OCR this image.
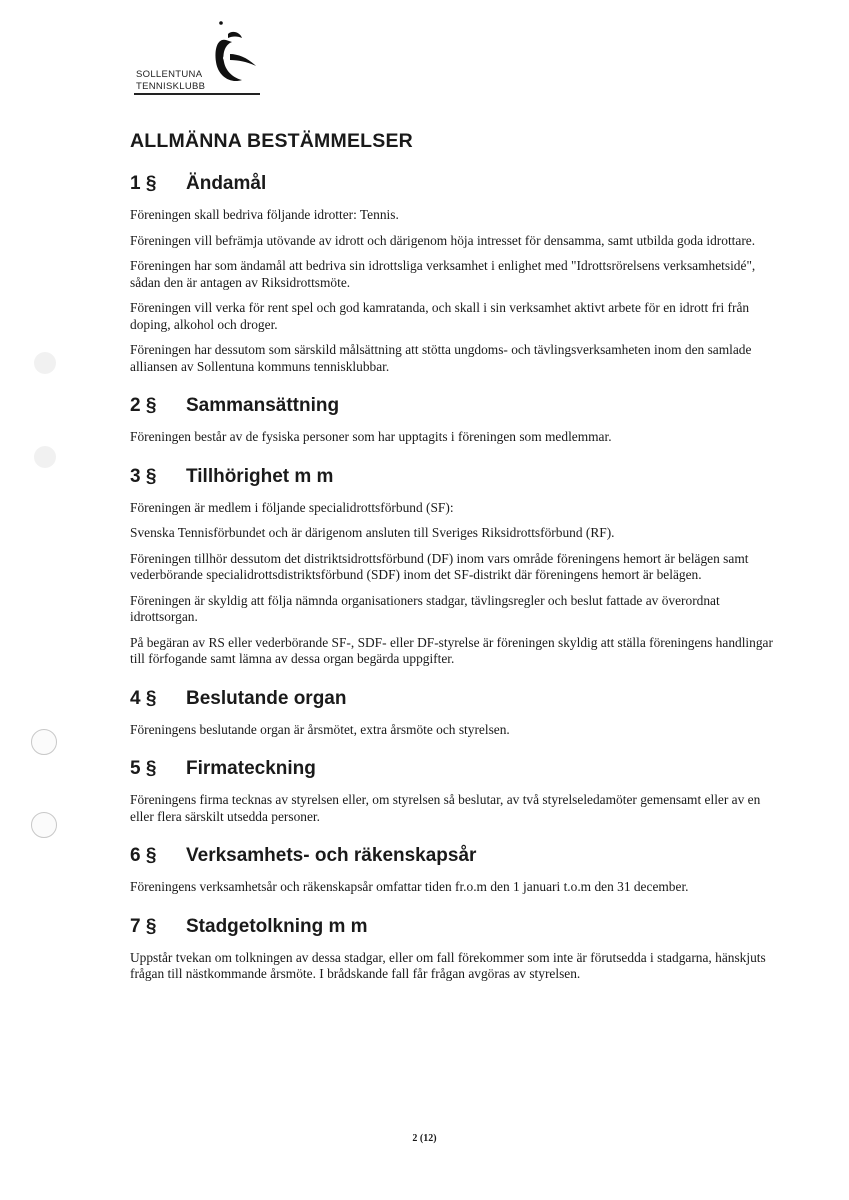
SOLLENTUNA
TENNISKLUBB
ALLMÄNNA BESTÄMMELSER
1 §	Ändamål

Föreningen skall bedriva följande idrotter: Tennis.

Föreningen vill befrämja utövande av idrott och därigenom höja intresset för densamma, samt utbilda goda idrottare.

Föreningen har som ändamål att bedriva sin idrottsliga verksamhet i enlighet med "Idrottsrörelsens verksamhetsidé", sådan den är antagen av Riksidrottsmöte.

Föreningen vill verka för rent spel och god kamratanda, och skall i sin verksamhet aktivt arbete för en idrott fri från doping, alkohol och droger.

Föreningen har dessutom som särskild målsättning att stötta ungdoms- och tävlingsverksamheten inom den samlade alliansen av Sollentuna kommuns tennisklubbar.

2 §	Sammansättning

Föreningen består av de fysiska personer som har upptagits i föreningen som medlemmar.

3 §	Tillhörighet m m

Föreningen är medlem i följande specialidrottsförbund (SF):

Svenska Tennisförbundet och är därigenom ansluten till Sveriges Riksidrottsförbund (RF).

Föreningen tillhör dessutom det distriktsidrottsförbund (DF) inom vars område föreningens hemort är belägen samt vederbörande specialidrottsdistriktsförbund (SDF) inom det SF-distrikt där föreningens hemort är belägen.

Föreningen är skyldig att följa nämnda organisationers stadgar, tävlingsregler och beslut fattade av överordnat idrottsorgan.

På begäran av RS eller vederbörande SF-, SDF- eller DF-styrelse är föreningen skyldig att ställa föreningens handlingar till förfogande samt lämna av dessa organ begärda uppgifter.

4 §	Beslutande organ

Föreningens beslutande organ är årsmötet, extra årsmöte och styrelsen.

5 §	Firmateckning

Föreningens firma tecknas av styrelsen eller, om styrelsen så beslutar, av två styrelseledamöter gemensamt eller av en eller flera särskilt utsedda personer.

6 §	Verksamhets- och räkenskapsår

Föreningens verksamhetsår och räkenskapsår omfattar tiden fr.o.m den 1 januari t.o.m den 31 december.

7 §	Stadgetolkning m m

Uppstår tvekan om tolkningen av dessa stadgar, eller om fall förekommer som inte är förutsedda i stadgarna, hänskjuts frågan till nästkommande årsmöte. I brådskande fall får frågan avgöras av styrelsen.

2 (12)
